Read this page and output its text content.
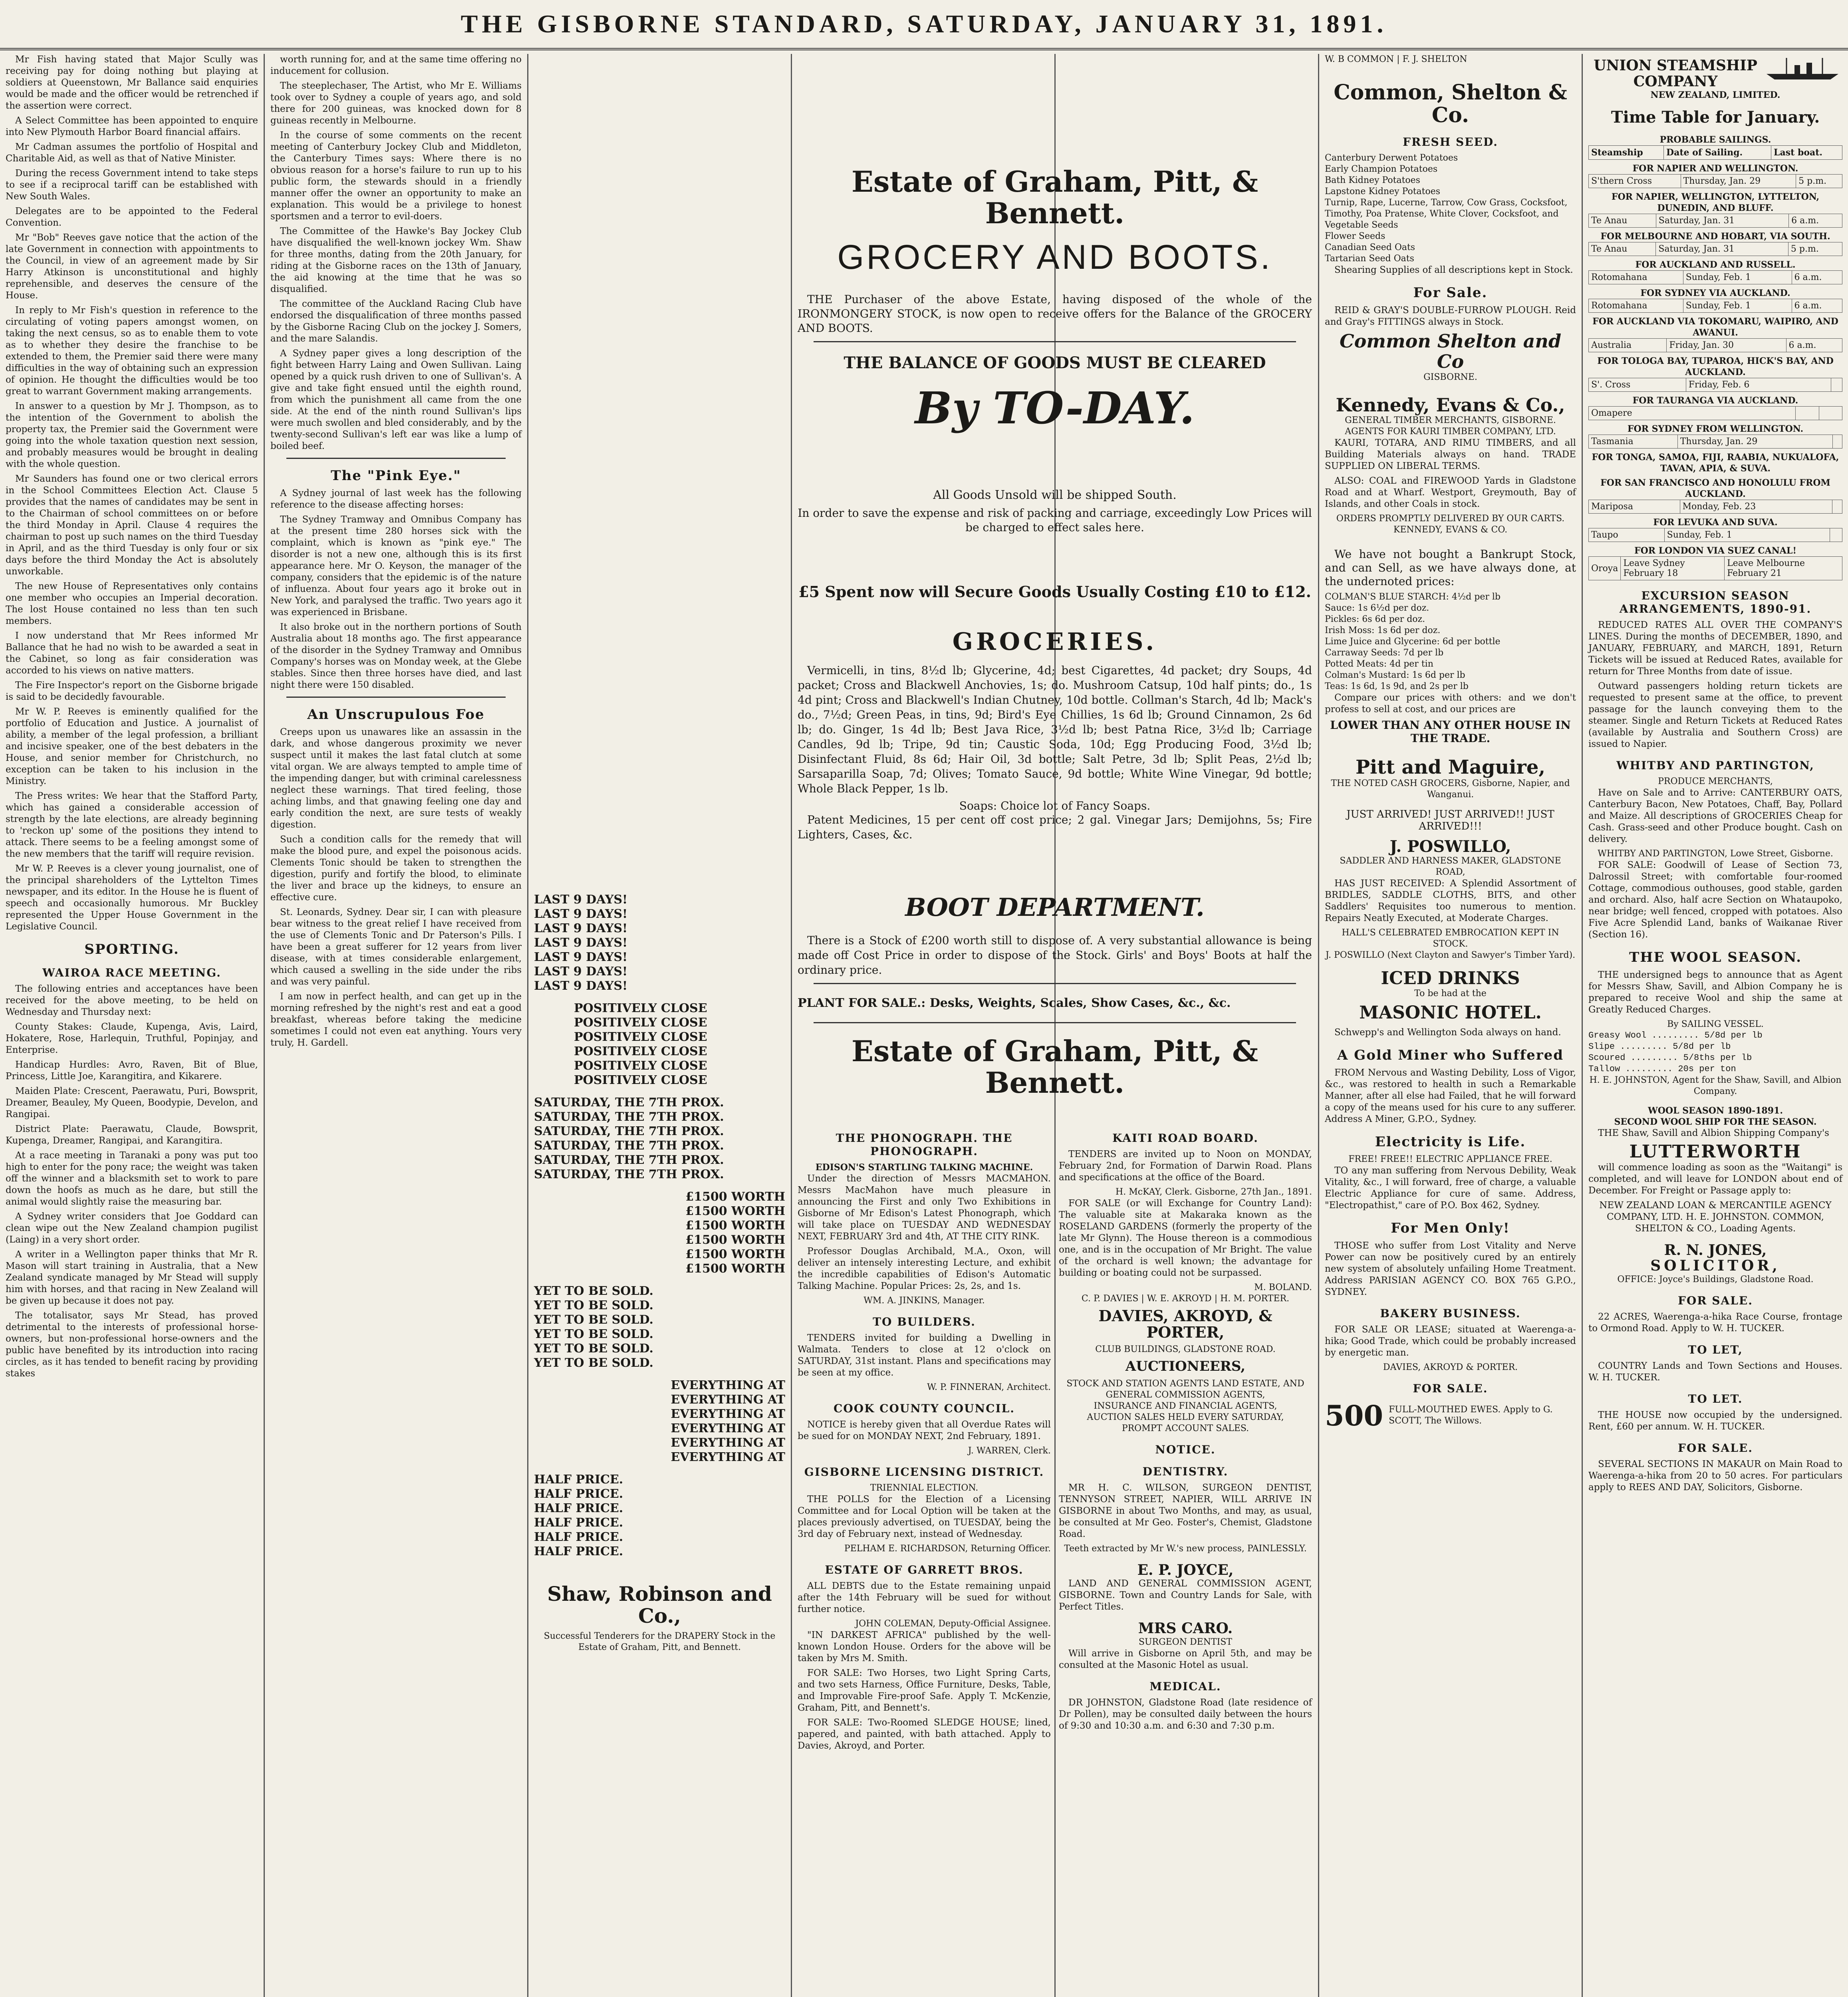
THE GISBORNE STANDARD, SATURDAY, JANUARY 31, 1891.

Mr Fish having stated that Major Scully was receiving pay for doing nothing but playing at soldiers at Queenstown, Mr Ballance said enquiries would be made and the officer would be retrenched if the assertion were correct.

A Select Committee has been appointed to enquire into New Plymouth Harbor Board financial affairs.

Mr Cadman assumes the portfolio of Hospital and Charitable Aid, as well as that of Native Minister.

During the recess Government intend to take steps to see if a reciprocal tariff can be established with New South Wales.

Delegates are to be appointed to the Federal Convention.

Mr "Bob" Reeves gave notice that the action of the late Government in connection with appointments to the Council, in view of an agreement made by Sir Harry Atkinson is unconstitutional and highly reprehensible, and deserves the censure of the House.

In reply to Mr Fish's question in reference to the circulating of voting papers amongst women, on taking the next census, so as to enable them to vote as to whether they desire the franchise to be extended to them, the Premier said there were many difficulties in the way of obtaining such an expression of opinion. He thought the difficulties would be too great to warrant Government making arrangements.

In answer to a question by Mr J. Thompson, as to the intention of the Government to abolish the property tax, the Premier said the Government were going into the whole taxation question next session, and probably measures would be brought in dealing with the whole question.

Mr Saunders has found one or two clerical errors in the School Committees Election Act. Clause 5 provides that the names of candidates may be sent in to the Chairman of school committees on or before the third Monday in April. Clause 4 requires the chairman to post up such names on the third Tuesday in April, and as the third Tuesday is only four or six days before the third Monday the Act is absolutely unworkable.

The new House of Representatives only contains one member who occupies an Imperial decoration. The lost House contained no less than ten such members.

I now understand that Mr Rees informed Mr Ballance that he had no wish to be awarded a seat in the Cabinet, so long as fair consideration was accorded to his views on native matters.

The Fire Inspector's report on the Gisborne brigade is said to be decidedly favourable.

Mr W. P. Reeves is eminently qualified for the portfolio of Education and Justice. A journalist of ability, a member of the legal profession, a brilliant and incisive speaker, one of the best debaters in the House, and senior member for Christchurch, no exception can be taken to his inclusion in the Ministry.

The Press writes: We hear that the Stafford Party, which has gained a considerable accession of strength by the late elections, are already beginning to 'reckon up' some of the positions they intend to attack. There seems to be a feeling amongst some of the new members that the tariff will require revision.

Mr W. P. Reeves is a clever young journalist, one of the principal shareholders of the Lyttelton Times newspaper, and its editor. In the House he is fluent of speech and occasionally humorous. Mr Buckley represented the Upper House Government in the Legislative Council.

SPORTING.
WAIROA RACE MEETING.

The following entries and acceptances have been received for the above meeting, to be held on Wednesday and Thursday next:

County Stakes: Claude, Kupenga, Avis, Laird, Hokatere, Rose, Harlequin, Truthful, Popinjay, and Enterprise.

Handicap Hurdles: Avro, Raven, Bit of Blue, Princess, Little Joe, Karangitira, and Kikarere.

Maiden Plate: Crescent, Paerawatu, Puri, Bowsprit, Dreamer, Beauley, My Queen, Boodypie, Develon, and Rangipai.

District Plate: Paerawatu, Claude, Bowsprit, Kupenga, Dreamer, Rangipai, and Karangitira.

At a race meeting in Taranaki a pony was put too high to enter for the pony race; the weight was taken off the winner and a blacksmith set to work to pare down the hoofs as much as he dare, but still the animal would slightly raise the measuring bar.

A Sydney writer considers that Joe Goddard can clean wipe out the New Zealand champion pugilist (Laing) in a very short order.

A writer in a Wellington paper thinks that Mr R. Mason will start training in Australia, that a New Zealand syndicate managed by Mr Stead will supply him with horses, and that racing in New Zealand will be given up because it does not pay.

The totalisator, says Mr Stead, has proved detrimental to the interests of professional horse-owners, but non-professional horse-owners and the public have benefited by its introduction into racing circles, as it has tended to benefit racing by providing stakes

worth running for, and at the same time offering no inducement for collusion.

The steeplechaser, The Artist, who Mr E. Williams took over to Sydney a couple of years ago, and sold there for 200 guineas, was knocked down for 8 guineas recently in Melbourne.

In the course of some comments on the recent meeting of Canterbury Jockey Club and Middleton, the Canterbury Times says: Where there is no obvious reason for a horse's failure to run up to his public form, the stewards should in a friendly manner offer the owner an opportunity to make an explanation. This would be a privilege to honest sportsmen and a terror to evil-doers.

The Committee of the Hawke's Bay Jockey Club have disqualified the well-known jockey Wm. Shaw for three months, dating from the 20th January, for riding at the Gisborne races on the 13th of January, the aid knowing at the time that he was so disqualified.

The committee of the Auckland Racing Club have endorsed the disqualification of three months passed by the Gisborne Racing Club on the jockey J. Somers, and the mare Salandis.

A Sydney paper gives a long description of the fight between Harry Laing and Owen Sullivan. Laing opened by a quick rush driven to one of Sullivan's. A give and take fight ensued until the eighth round, from which the punishment all came from the one side. At the end of the ninth round Sullivan's lips were much swollen and bled considerably, and by the twenty-second Sullivan's left ear was like a lump of boiled beef.

The "Pink Eye."

A Sydney journal of last week has the following reference to the disease affecting horses:

The Sydney Tramway and Omnibus Company has at the present time 280 horses sick with the complaint, which is known as "pink eye." The disorder is not a new one, although this is its first appearance here. Mr O. Keyson, the manager of the company, considers that the epidemic is of the nature of influenza. About four years ago it broke out in New York, and paralysed the traffic. Two years ago it was experienced in Brisbane.

It also broke out in the northern portions of South Australia about 18 months ago. The first appearance of the disorder in the Sydney Tramway and Omnibus Company's horses was on Monday week, at the Glebe stables. Since then three horses have died, and last night there were 150 disabled.

An Unscrupulous Foe

Creeps upon us unawares like an assassin in the dark, and whose dangerous proximity we never suspect until it makes the last fatal clutch at some vital organ. We are always tempted to ample time of the impending danger, but with criminal carelessness neglect these warnings. That tired feeling, those aching limbs, and that gnawing feeling one day and early condition the next, are sure tests of weakly digestion.

Such a condition calls for the remedy that will make the blood pure, and expel the poisonous acids. Clements Tonic should be taken to strengthen the digestion, purify and fortify the blood, to eliminate the liver and brace up the kidneys, to ensure an effective cure.

St. Leonards, Sydney. Dear sir, I can with pleasure bear witness to the great relief I have received from the use of Clements Tonic and Dr Paterson's Pills. I have been a great sufferer for 12 years from liver disease, with at times considerable enlargement, which caused a swelling in the side under the ribs and was very painful.

I am now in perfect health, and can get up in the morning refreshed by the night's rest and eat a good breakfast, whereas before taking the medicine sometimes I could not even eat anything. Yours very truly, H. Gardell.

LAST 9 DAYS!
LAST 9 DAYS!
LAST 9 DAYS!
LAST 9 DAYS!
LAST 9 DAYS!
LAST 9 DAYS!
LAST 9 DAYS!
POSITIVELY CLOSE
POSITIVELY CLOSE
POSITIVELY CLOSE
POSITIVELY CLOSE
POSITIVELY CLOSE
POSITIVELY CLOSE
SATURDAY, THE 7TH PROX.
SATURDAY, THE 7TH PROX.
SATURDAY, THE 7TH PROX.
SATURDAY, THE 7TH PROX.
SATURDAY, THE 7TH PROX.
SATURDAY, THE 7TH PROX.
£1500 WORTH
£1500 WORTH
£1500 WORTH
£1500 WORTH
£1500 WORTH
£1500 WORTH
YET TO BE SOLD.
YET TO BE SOLD.
YET TO BE SOLD.
YET TO BE SOLD.
YET TO BE SOLD.
YET TO BE SOLD.
EVERYTHING AT
EVERYTHING AT
EVERYTHING AT
EVERYTHING AT
EVERYTHING AT
EVERYTHING AT
HALF PRICE.
HALF PRICE.
HALF PRICE.
HALF PRICE.
HALF PRICE.
HALF PRICE.
Shaw, Robinson and Co.,
Successful Tenderers for the DRAPERY Stock in the Estate of Graham, Pitt, and Bennett.
Estate of Graham, Pitt, & Bennett.
GROCERY AND BOOTS.

THE Purchaser of the above Estate, having disposed of the whole of the IRONMONGERY STOCK, is now open to receive offers for the Balance of the GROCERY AND BOOTS.

THE BALANCE OF GOODS MUST BE CLEARED
By TO-DAY.
All Goods Unsold will be shipped South.
In order to save the expense and risk of packing and carriage, exceedingly Low Prices will be charged to effect sales here.
£5 Spent now will Secure Goods Usually Costing £10 to £12.
GROCERIES.

Vermicelli, in tins, 8½d lb; Glycerine, 4d; best Cigarettes, 4d packet; dry Soups, 4d packet; Cross and Blackwell Anchovies, 1s; do. Mushroom Catsup, 10d half pints; do., 1s 4d pint; Cross and Blackwell's Indian Chutney, 10d bottle. Collman's Starch, 4d lb; Mack's do., 7½d; Green Peas, in tins, 9d; Bird's Eye Chillies, 1s 6d lb; Ground Cinnamon, 2s 6d lb; do. Ginger, 1s 4d lb; Best Java Rice, 3½d lb; best Patna Rice, 3½d lb; Carriage Candles, 9d lb; Tripe, 9d tin; Caustic Soda, 10d; Egg Producing Food, 3½d lb; Disinfectant Fluid, 8s 6d; Hair Oil, 3d bottle; Salt Petre, 3d lb; Split Peas, 2½d lb; Sarsaparilla Soap, 7d; Olives; Tomato Sauce, 9d bottle; White Wine Vinegar, 9d bottle; Whole Black Pepper, 1s lb.

Soaps: Choice lot of Fancy Soaps.

Patent Medicines, 15 per cent off cost price; 2 gal. Vinegar Jars; Demijohns, 5s; Fire Lighters, Cases, &c.

BOOT DEPARTMENT.

There is a Stock of £200 worth still to dispose of. A very substantial allowance is being made off Cost Price in order to dispose of the Stock. Girls' and Boys' Boots at half the ordinary price.

PLANT FOR SALE.: Desks, Weights, Scales, Show Cases, &c., &c.
Estate of Graham, Pitt, & Bennett.
THE PHONOGRAPH. THE PHONOGRAPH.
EDISON'S STARTLING TALKING MACHINE.

Under the direction of Messrs MACMAHON. Messrs MacMahon have much pleasure in announcing the First and only Two Exhibitions in Gisborne of Mr Edison's Latest Phonograph, which will take place on TUESDAY AND WEDNESDAY NEXT, FEBRUARY 3rd and 4th, AT THE CITY RINK.

Professor Douglas Archibald, M.A., Oxon, will deliver an intensely interesting Lecture, and exhibit the incredible capabilities of Edison's Automatic Talking Machine. Popular Prices: 2s, 2s, and 1s.

WM. A. JINKINS, Manager.
TO BUILDERS.

TENDERS invited for building a Dwelling in Walmata. Tenders to close at 12 o'clock on SATURDAY, 31st instant. Plans and specifications may be seen at my office.

W. P. FINNERAN, Architect.
COOK COUNTY COUNCIL.

NOTICE is hereby given that all Overdue Rates will be sued for on MONDAY NEXT, 2nd February, 1891.

J. WARREN, Clerk.
GISBORNE LICENSING DISTRICT.
TRIENNIAL ELECTION.

THE POLLS for the Election of a Licensing Committee and for Local Option will be taken at the places previously advertised, on TUESDAY, being the 3rd day of February next, instead of Wednesday.

PELHAM E. RICHARDSON, Returning Officer.
ESTATE OF GARRETT BROS.

ALL DEBTS due to the Estate remaining unpaid after the 14th February will be sued for without further notice.

JOHN COLEMAN, Deputy-Official Assignee.

"IN DARKEST AFRICA" published by the well-known London House. Orders for the above will be taken by Mrs M. Smith.

FOR SALE: Two Horses, two Light Spring Carts, and two sets Harness, Office Furniture, Desks, Table, and Improvable Fire-proof Safe. Apply T. McKenzie, Graham, Pitt, and Bennett's.

FOR SALE: Two-Roomed SLEDGE HOUSE; lined, papered, and painted, with bath attached. Apply to Davies, Akroyd, and Porter.

KAITI ROAD BOARD.

TENDERS are invited up to Noon on MONDAY, February 2nd, for Formation of Darwin Road. Plans and specifications at the office of the Board.

H. McKAY, Clerk. Gisborne, 27th Jan., 1891.

FOR SALE (or will Exchange for Country Land): The valuable site at Makaraka known as the ROSELAND GARDENS (formerly the property of the late Mr Glynn). The House thereon is a commodious one, and is in the occupation of Mr Bright. The value of the orchard is well known; the advantage for building or boating could not be surpassed.

M. BOLAND.
C. P. DAVIES | W. E. AKROYD | H. M. PORTER.
DAVIES, AKROYD, & PORTER,
CLUB BUILDINGS, GLADSTONE ROAD.
AUCTIONEERS,
STOCK AND STATION AGENTS LAND ESTATE, AND GENERAL COMMISSION AGENTS,
INSURANCE AND FINANCIAL AGENTS,
AUCTION SALES HELD EVERY SATURDAY,
PROMPT ACCOUNT SALES.
NOTICE.
DENTISTRY.

MR H. C. WILSON, SURGEON DENTIST, TENNYSON STREET, NAPIER, WILL ARRIVE IN GISBORNE in about Two Months, and may, as usual, be consulted at Mr Geo. Foster's, Chemist, Gladstone Road.

Teeth extracted by Mr W.'s new process, PAINLESSLY.
E. P. JOYCE,

LAND AND GENERAL COMMISSION AGENT, GISBORNE. Town and Country Lands for Sale, with Perfect Titles.

MRS CARO.
SURGEON DENTIST

Will arrive in Gisborne on April 5th, and may be consulted at the Masonic Hotel as usual.

MEDICAL.

DR JOHNSTON, Gladstone Road (late residence of Dr Pollen), may be consulted daily between the hours of 9:30 and 10:30 a.m. and 6:30 and 7:30 p.m.

W. B COMMON | F. J. SHELTON
Common, Shelton & Co.
FRESH SEED.
Canterbury Derwent Potatoes
Early Champion Potatoes
Bath Kidney Potatoes
Lapstone Kidney Potatoes
Turnip, Rape, Lucerne, Tarrow, Cow Grass, Cocksfoot, Timothy, Poa Pratense, White Clover, Cocksfoot, and Vegetable Seeds
Flower Seeds
Canadian Seed Oats
Tartarian Seed Oats

Shearing Supplies of all descriptions kept in Stock.

For Sale.

REID & GRAY'S DOUBLE-FURROW PLOUGH. Reid and Gray's FITTINGS always in Stock.

Common Shelton and Co
GISBORNE.
Kennedy, Evans & Co.,
GENERAL TIMBER MERCHANTS, GISBORNE.
AGENTS FOR KAURI TIMBER COMPANY, LTD.

KAURI, TOTARA, AND RIMU TIMBERS, and all Building Materials always on hand. TRADE SUPPLIED ON LIBERAL TERMS.

ALSO: COAL and FIREWOOD Yards in Gladstone Road and at Wharf. Westport, Greymouth, Bay of Islands, and other Coals in stock.

ORDERS PROMPTLY DELIVERED BY OUR CARTS.
KENNEDY, EVANS & CO.

We have not bought a Bankrupt Stock, and can Sell, as we have always done, at the undernoted prices:

COLMAN'S BLUE STARCH: 4½d per lb
Sauce: 1s 6½d per doz.
Pickles: 6s 6d per doz.
Irish Moss: 1s 6d per doz.
Lime Juice and Glycerine: 6d per bottle
Carraway Seeds: 7d per lb
Potted Meats: 4d per tin
Colman's Mustard: 1s 6d per lb
Teas: 1s 6d, 1s 9d, and 2s per lb

Compare our prices with others: and we don't profess to sell at cost, and our prices are

LOWER THAN ANY OTHER HOUSE IN THE TRADE.
Pitt and Maguire,
THE NOTED CASH GROCERS, Gisborne, Napier, and Wanganui.
JUST ARRIVED! JUST ARRIVED!! JUST ARRIVED!!!
J. POSWILLO,
SADDLER AND HARNESS MAKER, GLADSTONE ROAD,

HAS JUST RECEIVED: A Splendid Assortment of BRIDLES, SADDLE CLOTHS, BITS, and other Saddlers' Requisites too numerous to mention. Repairs Neatly Executed, at Moderate Charges.

HALL'S CELEBRATED EMBROCATION KEPT IN STOCK.
J. POSWILLO (Next Clayton and Sawyer's Timber Yard).
ICED DRINKS
To be had at the
MASONIC HOTEL.

Schwepp's and Wellington Soda always on hand.

A Gold Miner who Suffered

FROM Nervous and Wasting Debility, Loss of Vigor, &c., was restored to health in such a Remarkable Manner, after all else had Failed, that he will forward a copy of the means used for his cure to any sufferer. Address A Miner, G.P.O., Sydney.

Electricity is Life.
FREE! FREE!! ELECTRIC APPLIANCE FREE.

TO any man suffering from Nervous Debility, Weak Vitality, &c., I will forward, free of charge, a valuable Electric Appliance for cure of same. Address, "Electropathist," care of P.O. Box 462, Sydney.

For Men Only!

THOSE who suffer from Lost Vitality and Nerve Power can now be positively cured by an entirely new system of absolutely unfailing Home Treatment. Address PARISIAN AGENCY CO. BOX 765 G.P.O., SYDNEY.

BAKERY BUSINESS.

FOR SALE OR LEASE; situated at Waerenga-a-hika; Good Trade, which could be probably increased by energetic man.

DAVIES, AKROYD & PORTER.
FOR SALE.
500 FULL-MOUTHED EWES. Apply to G. SCOTT, The Willows.
UNION STEAMSHIP COMPANY
NEW ZEALAND, LIMITED.
Time Table for January.
PROBABLE SAILINGS.
Steamship	Date of Sailing.	Last boat.
FOR NAPIER AND WELLINGTON.
S'thern Cross	Thursday, Jan. 29	5 p.m.
FOR NAPIER, WELLINGTON, LYTTELTON, DUNEDIN, AND BLUFF.
Te Anau	Saturday, Jan. 31	6 a.m.
FOR MELBOURNE AND HOBART, VIA SOUTH.
Te Anau	Saturday, Jan. 31	5 p.m.
FOR AUCKLAND AND RUSSELL.
Rotomahana	Sunday, Feb. 1	6 a.m.
FOR SYDNEY VIA AUCKLAND.
Rotomahana	Sunday, Feb. 1	6 a.m.
FOR AUCKLAND VIA TOKOMARU, WAIPIRO, AND AWANUI.
Australia	Friday, Jan. 30	6 a.m.
FOR TOLOGA BAY, TUPAROA, HICK'S BAY, AND AUCKLAND.
S'. Cross	Friday, Feb. 6	
FOR TAURANGA VIA AUCKLAND.
Omapere		
FOR SYDNEY FROM WELLINGTON.
Tasmania	Thursday, Jan. 29	
FOR TONGA, SAMOA, FIJI, RAABIA, NUKUALOFA, TAVAN, APIA, & SUVA.
FOR SAN FRANCISCO AND HONOLULU FROM AUCKLAND.
Mariposa	Monday, Feb. 23	
FOR LEVUKA AND SUVA.
Taupo	Sunday, Feb. 1	
FOR LONDON VIA SUEZ CANAL!
Oroya	Leave Sydney February 18	Leave Melbourne February 21
EXCURSION SEASON ARRANGEMENTS, 1890-91.

REDUCED RATES ALL OVER THE COMPANY'S LINES. During the months of DECEMBER, 1890, and JANUARY, FEBRUARY, and MARCH, 1891, Return Tickets will be issued at Reduced Rates, available for return for Three Months from date of issue.

Outward passengers holding return tickets are requested to present same at the office, to prevent passage for the launch conveying them to the steamer. Single and Return Tickets at Reduced Rates (available by Australia and Southern Cross) are issued to Napier.

WHITBY AND PARTINGTON,
PRODUCE MERCHANTS,

Have on Sale and to Arrive: CANTERBURY OATS, Canterbury Bacon, New Potatoes, Chaff, Bay, Pollard and Maize. All descriptions of GROCERIES Cheap for Cash. Grass-seed and other Produce bought. Cash on delivery.

WHITBY AND PARTINGTON, Lowe Street, Gisborne.

FOR SALE: Goodwill of Lease of Section 73, Dalrossil Street; with comfortable four-roomed Cottage, commodious outhouses, good stable, garden and orchard. Also, half acre Section on Whataupoko, near bridge; well fenced, cropped with potatoes. Also Five Acre Splendid Land, banks of Waikanae River (Section 16).

THE WOOL SEASON.

THE undersigned begs to announce that as Agent for Messrs Shaw, Savill, and Albion Company he is prepared to receive Wool and ship the same at Greatly Reduced Charges.

By SAILING VESSEL.
Greasy Wool ......... 5/8d per lb
Slipe ......... 5/8d per lb
Scoured ......... 5/8ths per lb
Tallow ......... 20s per ton
H. E. JOHNSTON, Agent for the Shaw, Savill, and Albion Company.
WOOL SEASON 1890-1891.
SECOND WOOL SHIP FOR THE SEASON.

THE Shaw, Savill and Albion Shipping Company's

LUTTERWORTH

will commence loading as soon as the "Waitangi" is completed, and will leave for LONDON about end of December. For Freight or Passage apply to:

NEW ZEALAND LOAN & MERCANTILE AGENCY COMPANY, LTD. H. E. JOHNSTON. COMMON, SHELTON & CO., Loading Agents.

R. N. JONES,
SOLICITOR,
OFFICE: Joyce's Buildings, Gladstone Road.
FOR SALE.

22 ACRES, Waerenga-a-hika Race Course, frontage to Ormond Road. Apply to W. H. TUCKER.

TO LET,

COUNTRY Lands and Town Sections and Houses. W. H. TUCKER.

TO LET.

THE HOUSE now occupied by the undersigned. Rent, £60 per annum. W. H. TUCKER.

FOR SALE.

SEVERAL SECTIONS IN MAKAUR on Main Road to Waerenga-a-hika from 20 to 50 acres. For particulars apply to REES AND DAY, Solicitors, Gisborne.
